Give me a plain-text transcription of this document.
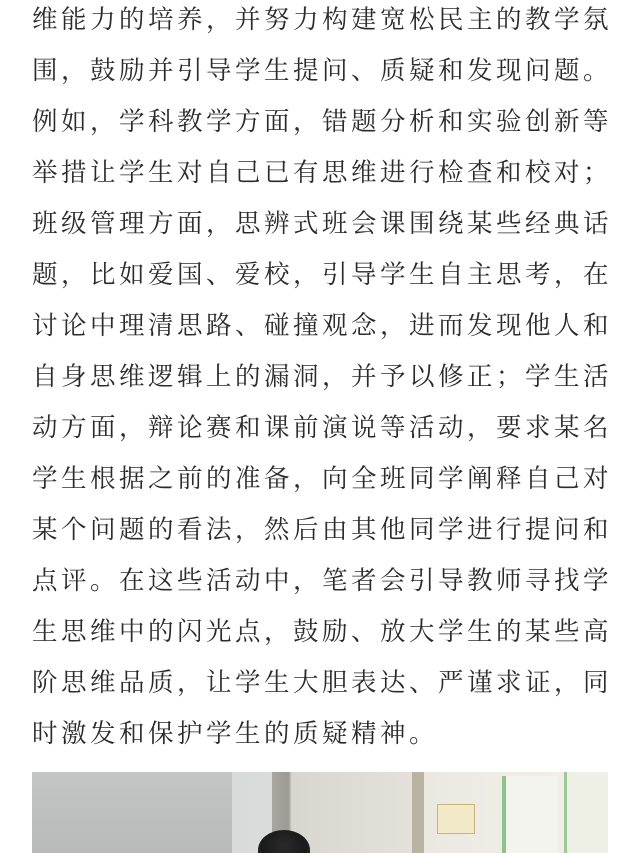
维能力的培养，并努力构建宽松民主的教学氛
围，鼓励并引导学生提问、质疑和发现问题。
例如，学科教学方面，错题分析和实验创新等
举措让学生对自己已有思维进行检查和校对；
班级管理方面，思辨式班会课围绕某些经典话
题，比如爱国、爱校，引导学生自主思考，在
讨论中理清思路、碰撞观念，进而发现他人和
自身思维逻辑上的漏洞，并予以修正；学生活
动方面，辩论赛和课前演说等活动，要求某名
学生根据之前的准备，向全班同学阐释自己对
某个问题的看法，然后由其他同学进行提问和
点评。在这些活动中，笔者会引导教师寻找学
生思维中的闪光点，鼓励、放大学生的某些高
阶思维品质，让学生大胆表达、严谨求证，同
时激发和保护学生的质疑精神。
